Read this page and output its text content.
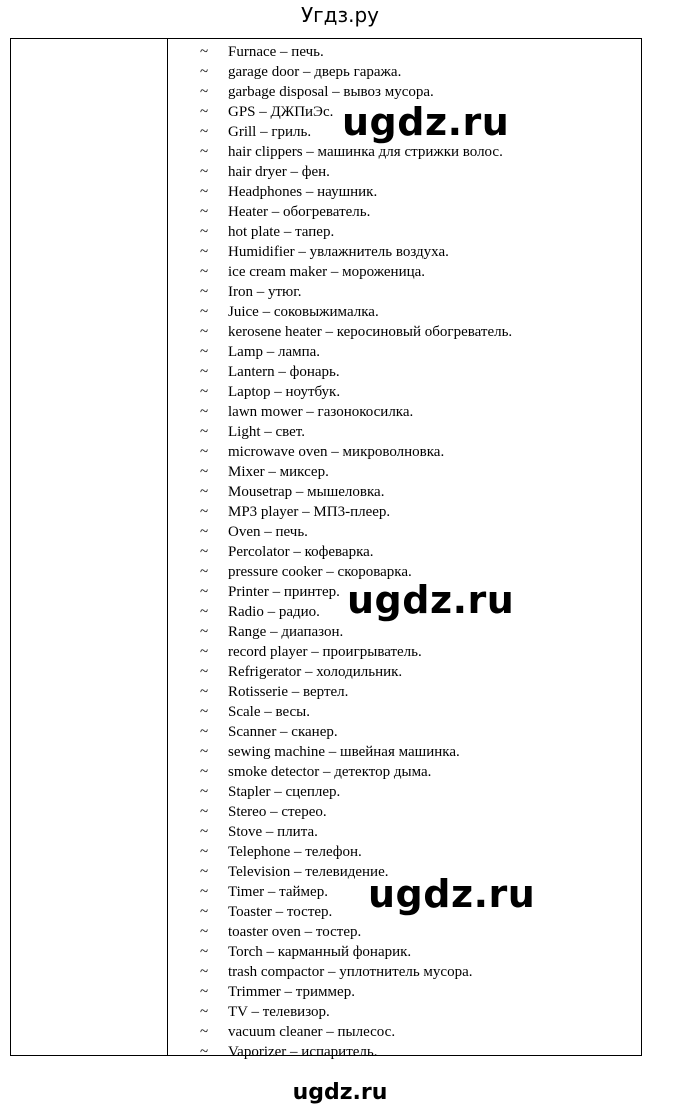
Угдз.ру
~ Furnace – печь.
~ garage door – дверь гаража.
~ garbage disposal – вывоз мусора.
~ GPS – ДЖПиЭс.
~ Grill – гриль.
~ hair clippers – машинка для стрижки волос.
~ hair dryer – фен.
~ Headphones – наушник.
~ Heater – обогреватель.
~ hot plate – тапер.
~ Humidifier – увлажнитель воздуха.
~ ice cream maker – мороженица.
~ Iron – утюг.
~ Juice – соковыжималка.
~ kerosene heater – керосиновый обогреватель.
~ Lamp – лампа.
~ Lantern – фонарь.
~ Laptop – ноутбук.
~ lawn mower – газонокосилка.
~ Light – свет.
~ microwave oven – микроволновка.
~ Mixer – миксер.
~ Mousetrap – мышеловка.
~ MP3 player – МП3-плеер.
~ Oven – печь.
~ Percolator – кофеварка.
~ pressure cooker – скороварка.
~ Printer – принтер.
~ Radio – радио.
~ Range – диапазон.
~ record player – проигрыватель.
~ Refrigerator – холодильник.
~ Rotisserie – вертел.
~ Scale – весы.
~ Scanner – сканер.
~ sewing machine – швейная машинка.
~ smoke detector – детектор дыма.
~ Stapler – сцеплер.
~ Stereo – стерео.
~ Stove – плита.
~ Telephone – телефон.
~ Television – телевидение.
~ Timer – таймер.
~ Toaster – тостер.
~ toaster oven – тостер.
~ Torch – карманный фонарик.
~ trash compactor – уплотнитель мусора.
~ Trimmer – триммер.
~ TV – телевизор.
~ vacuum cleaner – пылесос.
~ Vaporizer – испаритель.
ugdz.ru
ugdz.ru
ugdz.ru
ugdz.ru
